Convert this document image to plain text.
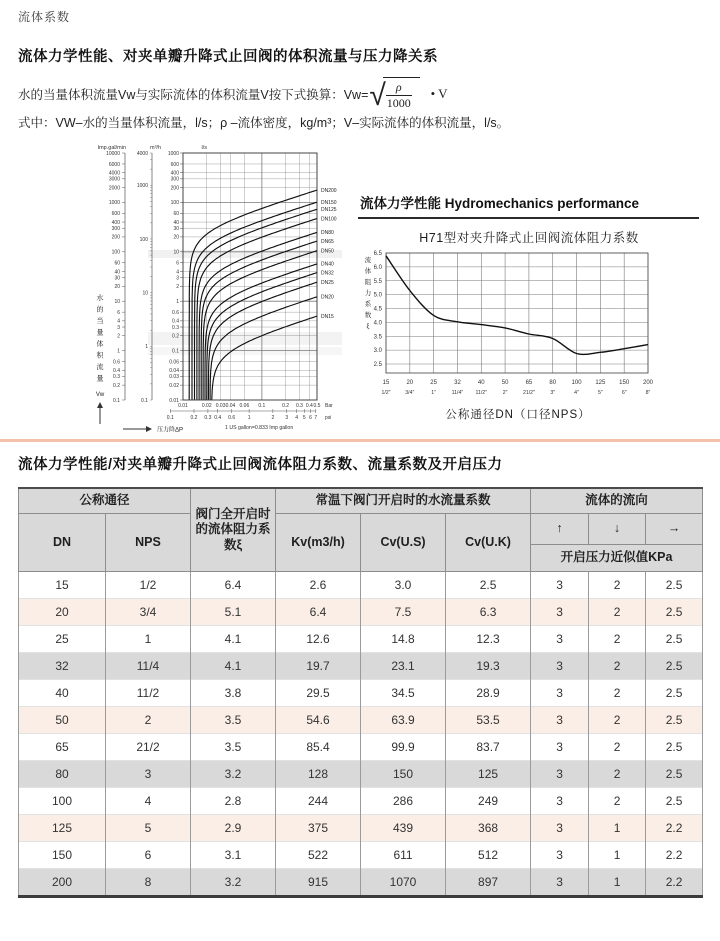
流体系数
流体力学性能、对夹单瓣升降式止回阀的体积流量与压力降关系
水的当量体积流量Vw与实际流体的体积流量V按下式换算：Vw= √ $\frac{\rho}{1000}$ • V
式中：VW–水的当量体积流量，l/s；ρ –流体密度，kg/m³；V–实际流体的体积流量，l/s。
1000
600
400
300
200
100
60
40
30
20
10
6
4
3
2
1
0.6
0.4
0.3
0.2
0.1
0.06
0.04
0.03
0.02
0.01
10000
6000
4000
3000
2000
1000
600
400
300
200
100
60
40
30
20
10
6
4
3
2
1
0.6
0.4
0.3
0.2
0.1
4000
1000
100
10
1
0.1
Imp.gal/min	m³/h	l/s
0.01	0.02 0.03 0.04 0.06 0.1	0.2 0.3 0.4 0.5 Bar
0.1	0.2 0.3 0.4 0.6	1	2 3 4 5 6 7 psi
1 US gallon=0.833 Imp gallon
水
的
当
量
体
积
流
量
Vw
压力降ΔP
DN200
DN150
DN125
DN100
DN80
DN65
DN50
DN40
DN32
DN25
DN20
DN15
流体力学性能 Hydromechanics performance
H71型对夹升降式止回阀流体阻力系数
6.5
6.0
5.5
5.0
4.5
4.0
3.5
3.0
2.5
15	20	25	32	40	50	65	80	100 125 150 200
1/2″	3/4″	1″	11/4″ 11/2″	2″	21/2″	3″	4″	5″	6″	8″
流
体
阻
力
系
数
ξ
公称通径DN（口径NPS）
流体力学性能/对夹单瓣升降式止回阀流体阻力系数、流量系数及开启压力
公称通径		阀门全开启时的流体阻力系数ξ	常温下阀门开启时的水流量系数			流体的流向		
DN	NPS		Kv(m3/h)	Cv(U.S)	Cv(U.K)	↑	↓	→
						开启压力近似值KPa		
15	1/2	6.4	2.6	3.0	2.5	3	2	2.5
20	3/4	5.1	6.4	7.5	6.3	3	2	2.5
25	1	4.1	12.6	14.8	12.3	3	2	2.5
32	11/4	4.1	19.7	23.1	19.3	3	2	2.5
40	11/2	3.8	29.5	34.5	28.9	3	2	2.5
50	2	3.5	54.6	63.9	53.5	3	2	2.5
65	21/2	3.5	85.4	99.9	83.7	3	2	2.5
80	3	3.2	128	150	125	3	2	2.5
100	4	2.8	244	286	249	3	2	2.5
125	5	2.9	375	439	368	3	1	2.2
150	6	3.1	522	611	512	3	1	2.2
200	8	3.2	915	1070	897	3	1	2.2
